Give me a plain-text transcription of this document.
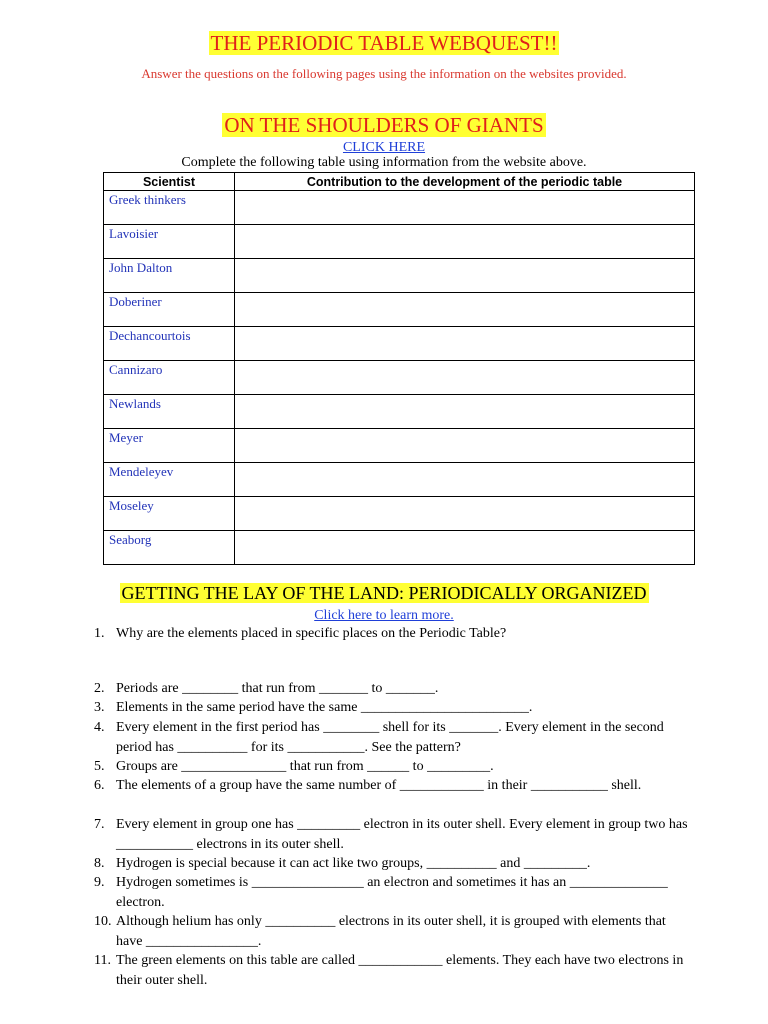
THE PERIODIC TABLE WEBQUEST!!
Answer the questions on the following pages using the information on the websites provided.
ON THE SHOULDERS OF GIANTS
CLICK HERE
Complete the following table using information from the website above.
Scientist	Contribution to the development of the periodic table
Greek thinkers	
Lavoisier	
John Dalton	
Doberiner	
Dechancourtois	
Cannizaro	
Newlands	
Meyer	
Mendeleyev	
Moseley	
Seaborg	
GETTING THE LAY OF THE LAND: PERIODICALLY ORGANIZED
Click here to learn more.
1. Why are the elements placed in specific places on the Periodic Table?
2. Periods are ________ that run from _______ to _______.
3. Elements in the same period have the same ________________________.
4. Every element in the first period has ________ shell for its _______. Every element in the second period has __________ for its ___________. See the pattern?
5. Groups are _______________ that run from ______ to _________.
6. The elements of a group have the same number of ____________ in their ___________ shell.
7. Every element in group one has _________ electron in its outer shell. Every element in group two has ___________ electrons in its outer shell.
8. Hydrogen is special because it can act like two groups, __________ and _________.
9. Hydrogen sometimes is ________________ an electron and sometimes it has an ______________ electron.
10. Although helium has only __________ electrons in its outer shell, it is grouped with elements that have ________________.
11. The green elements on this table are called ____________ elements. They each have two electrons in their outer shell.
